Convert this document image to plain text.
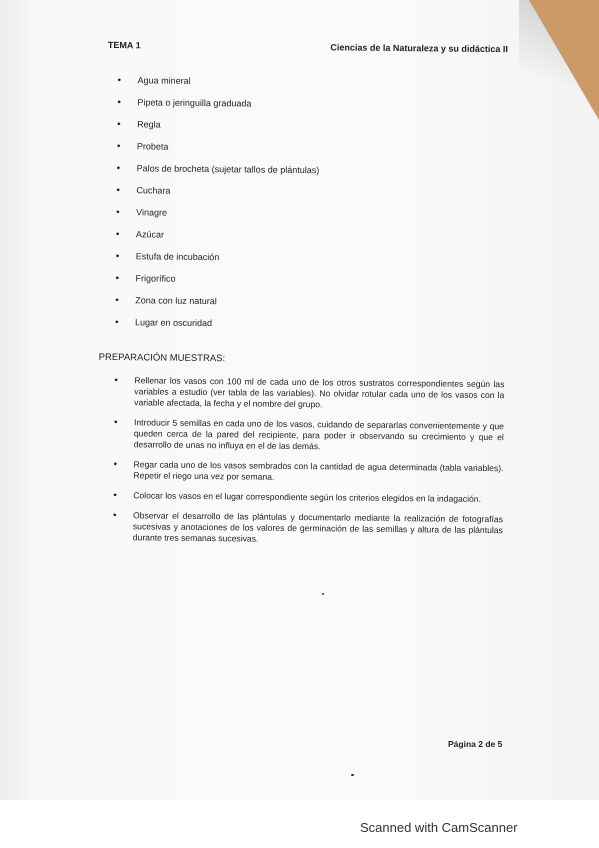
TEMA 1	Ciencias de la Naturaleza y su didáctica II
• Agua mineral
• Pipeta o jeringuilla graduada
• Regla
• Probeta
• Palos de brocheta (sujetar tallos de plántulas)
• Cuchara
• Vinagre
• Azúcar
• Estufa de incubación
• Frigorífico
• Zona con luz natural
• Lugar en oscuridad
PREPARACIÓN MUESTRAS:
• Rellenar los vasos con 100 ml de cada uno de los otros sustratos correspondientes según las variables a estudio (ver tabla de las variables). No olvidar rotular cada uno de los vasos con la variable afectada, la fecha y el nombre del grupo.
• Introducir 5 semillas en cada uno de los vasos, cuidando de separarlas convenientemente y que queden cerca de la pared del recipiente, para poder ir observando su crecimiento y que el desarrollo de unas no influya en el de las demás.
• Regar cada uno de los vasos sembrados con la cantidad de agua determinada (tabla variables). Repetir el riego una vez por semana.
• Colocar los vasos en el lugar correspondiente según los criterios elegidos en la indagación.
• Observar el desarrollo de las plántulas y documentarlo mediante la realización de fotografías sucesivas y anotaciones de los valores de germinación de las semillas y altura de las plántulas durante tres semanas sucesivas.
Página 2 de 5
Scanned with CamScanner
